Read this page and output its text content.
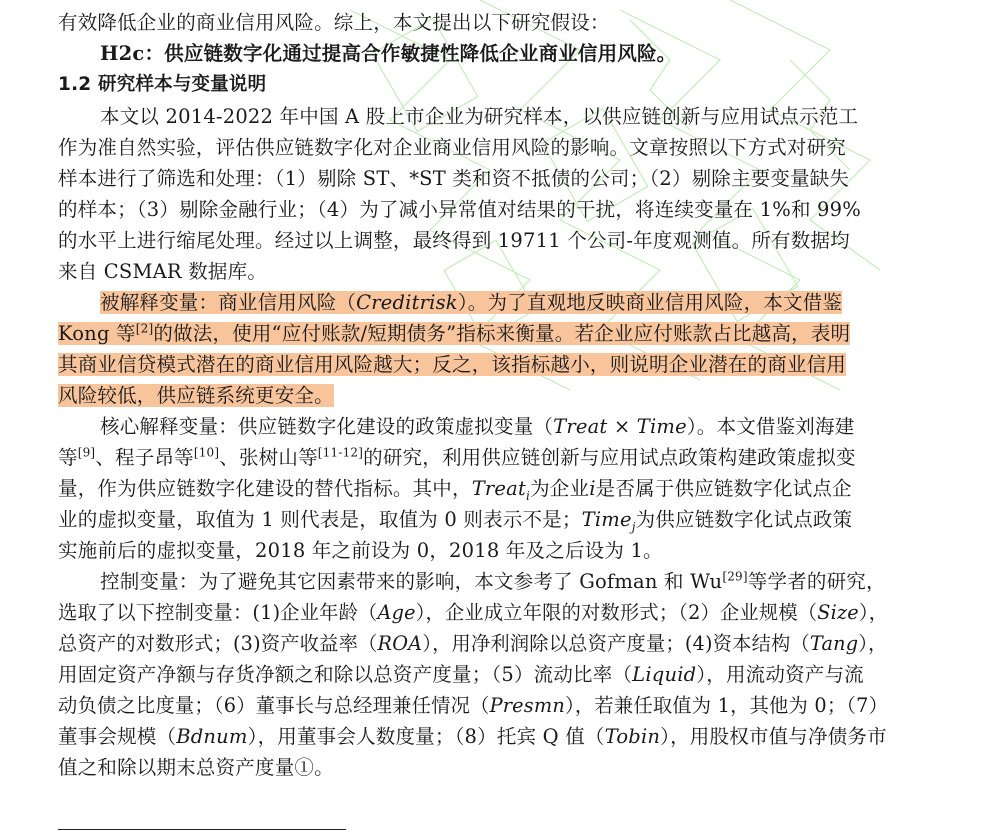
有效降低企业的商业信用风险。综上，本文提出以下研究假设：
H2c：供应链数字化通过提高合作敏捷性降低企业商业信用风险。
1.2 研究样本与变量说明
本文以 2014-2022 年中国 A 股上市企业为研究样本，以供应链创新与应用试点示范工
作为准自然实验，评估供应链数字化对企业商业信用风险的影响。文章按照以下方式对研究
样本进行了筛选和处理：（1）剔除 ST、*ST 类和资不抵债的公司；（2）剔除主要变量缺失
的样本；（3）剔除金融行业；（4）为了减小异常值对结果的干扰，将连续变量在 1%和 99%
的水平上进行缩尾处理。经过以上调整，最终得到 19711 个公司-年度观测值。所有数据均
来自 CSMAR 数据库。
被解释变量：商业信用风险（Creditrisk）。为了直观地反映商业信用风险，本文借鉴
Kong 等[2]的做法，使用“应付账款/短期债务”指标来衡量。若企业应付账款占比越高，表明
其商业信贷模式潜在的商业信用风险越大；反之，该指标越小，则说明企业潜在的商业信用
风险较低，供应链系统更安全。
核心解释变量：供应链数字化建设的政策虚拟变量（Treat × Time）。本文借鉴刘海建
等[9]、程子昂等[10]、张树山等[11-12]的研究，利用供应链创新与应用试点政策构建政策虚拟变
量，作为供应链数字化建设的替代指标。其中，Treat$_i$为企业i是否属于供应链数字化试点企
业的虚拟变量，取值为 1 则代表是，取值为 0 则表示不是；Time$_j$为供应链数字化试点政策
实施前后的虚拟变量，2018 年之前设为 0，2018 年及之后设为 1。
控制变量：为了避免其它因素带来的影响，本文参考了 Gofman 和 Wu[29]等学者的研究，
选取了以下控制变量：(1)企业年龄（Age），企业成立年限的对数形式；（2）企业规模（Size），
总资产的对数形式；(3)资产收益率（ROA），用净利润除以总资产度量；(4)资本结构（Tang），
用固定资产净额与存货净额之和除以总资产度量；（5）流动比率（Liquid），用流动资产与流
动负债之比度量；（6）董事长与总经理兼任情况（Presmn），若兼任取值为 1，其他为 0；（7）
董事会规模（Bdnum），用董事会人数度量；（8）托宾 Q 值（Tobin），用股权市值与净债务市
值之和除以期末总资产度量①。
